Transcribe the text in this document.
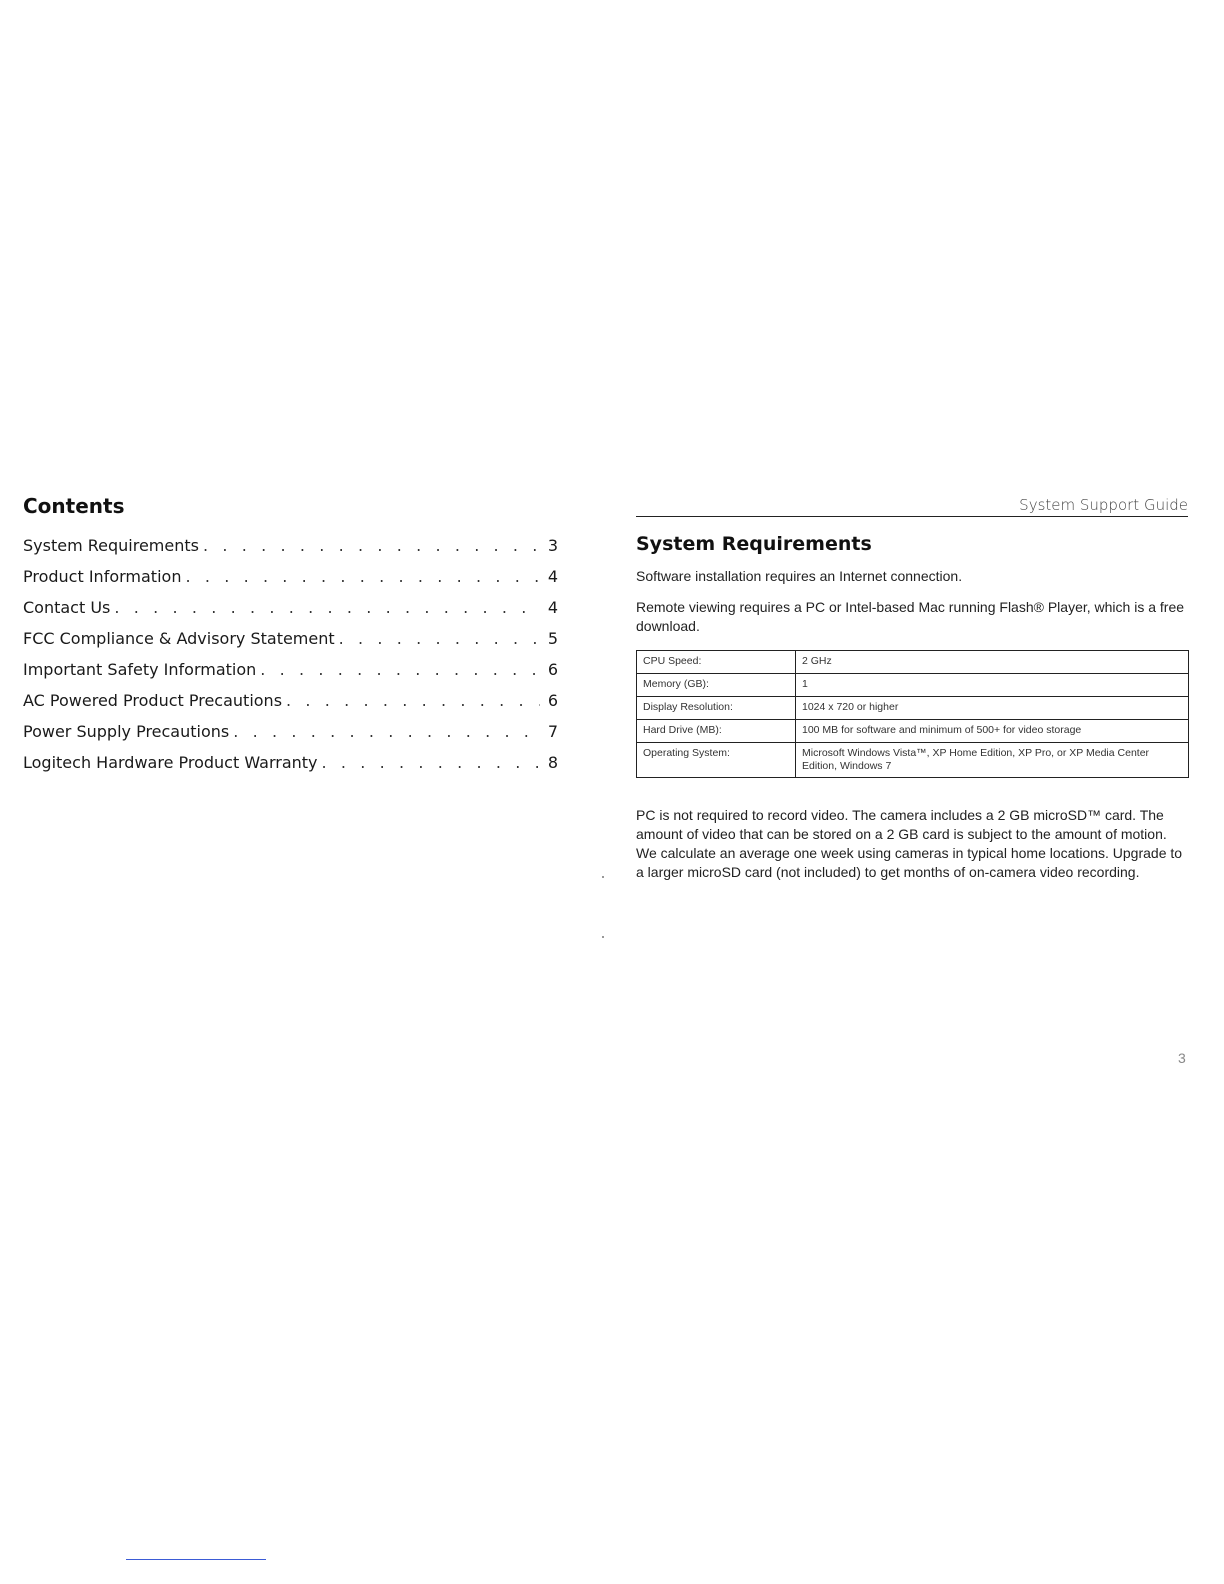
Contents
System Requirements . . .	3
Product Information . . .	4
Contact Us . . .	4
FCC Compliance & Advisory Statement . . .	5
Important Safety Information . . .	6
AC Powered Product Precautions . . .	6
Power Supply Precautions . . .	7
Logitech Hardware Product Warranty . . .	8
System Support Guide
System Requirements

Software installation requires an Internet connection.

Remote viewing requires a PC or Intel-based Mac running Flash® Player, which is a free download.

CPU Speed:	2 GHz
Memory (GB):	1
Display Resolution:	1024 x 720 or higher
Hard Drive (MB):	100 MB for software and minimum of 500+ for video storage
Operating System:	Microsoft Windows Vista™, XP Home Edition, XP Pro, or XP Media Center Edition, Windows 7

PC is not required to record video. The camera includes a 2 GB microSD™ card. The amount of video that can be stored on a 2 GB card is subject to the amount of motion. We calculate an average one week using cameras in typical home locations. Upgrade to a larger microSD card (not included) to get months of on-camera video recording.

3
